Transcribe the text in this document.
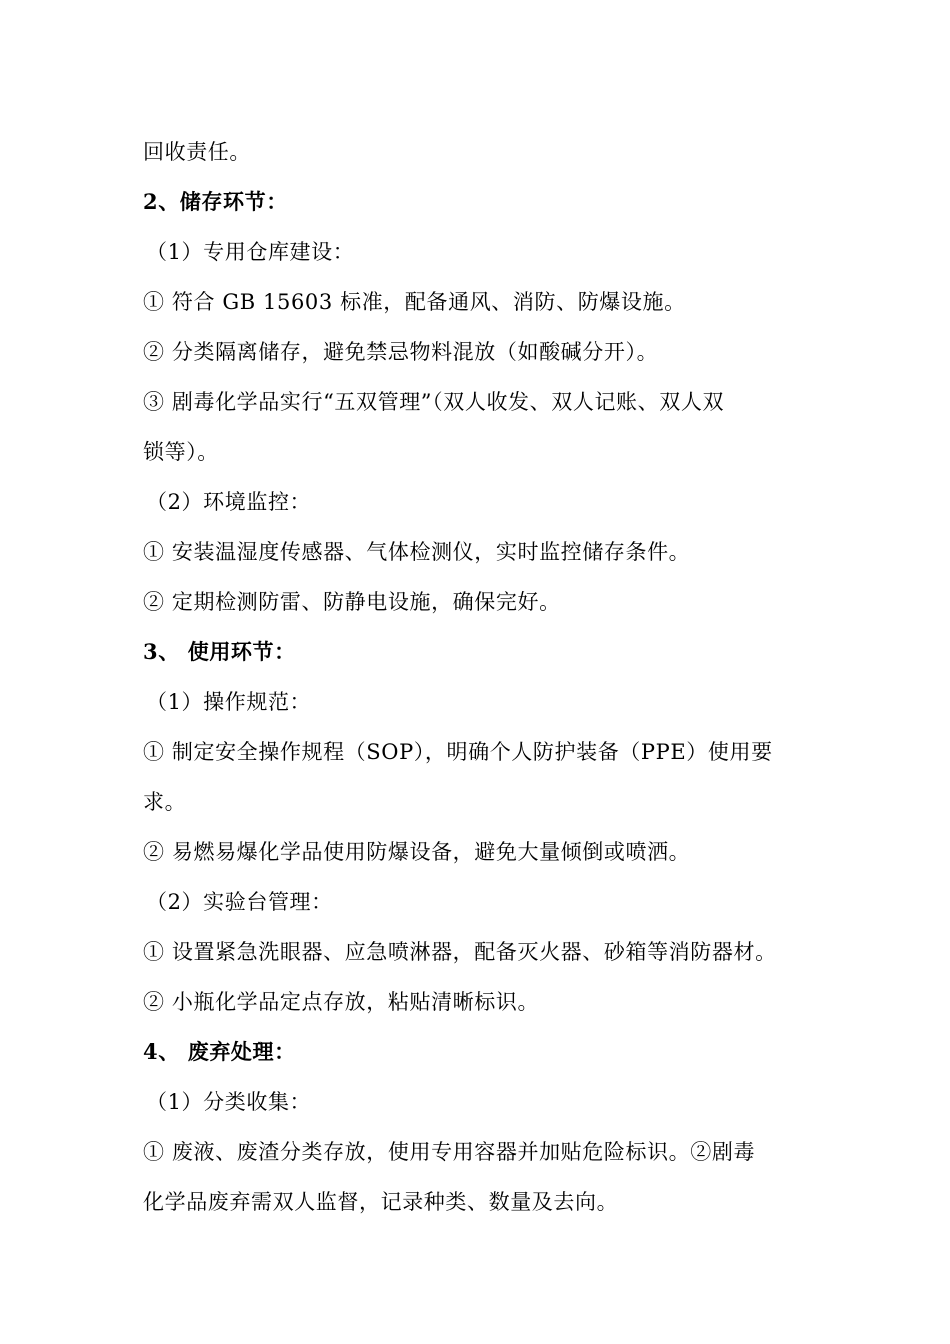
回收责任。
2、储存环节：
（1）专用仓库建设：
① 符合 GB 15603 标准，配备通风、消防、防爆设施。
② 分类隔离储存，避免禁忌物料混放（如酸碱分开）。
③ 剧毒化学品实行“五双管理”（双人收发、双人记账、双人双
锁等）。
（2）环境监控：
① 安装温湿度传感器、气体检测仪，实时监控储存条件。
② 定期检测防雷、防静电设施，确保完好。
3、 使用环节：
（1）操作规范：
① 制定安全操作规程（SOP），明确个人防护装备（PPE）使用要
求。
② 易燃易爆化学品使用防爆设备，避免大量倾倒或喷洒。
（2）实验台管理：
① 设置紧急洗眼器、应急喷淋器，配备灭火器、砂箱等消防器材。
② 小瓶化学品定点存放，粘贴清晰标识。
4、 废弃处理：
（1）分类收集：
① 废液、废渣分类存放，使用专用容器并加贴危险标识。②剧毒
化学品废弃需双人监督，记录种类、数量及去向。
